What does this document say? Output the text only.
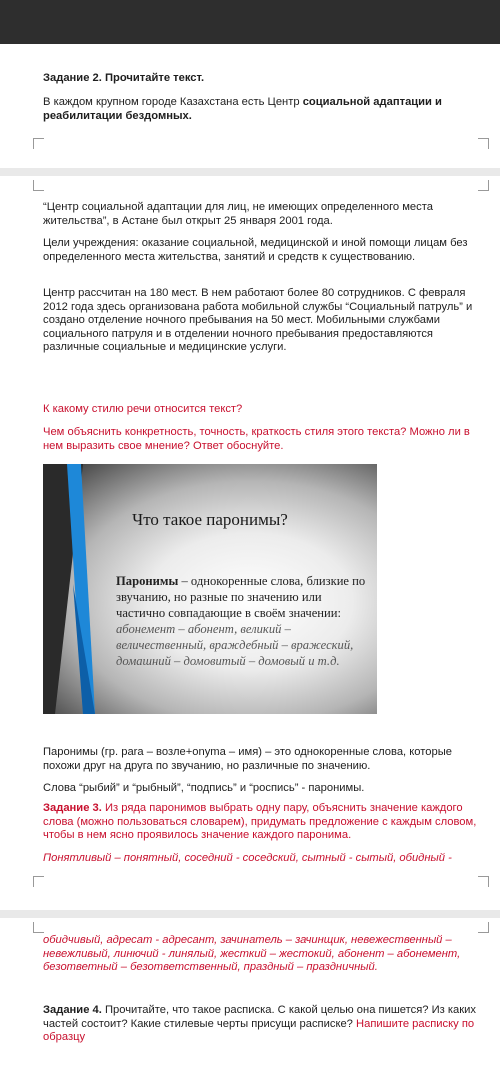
Задание 2. Прочитайте текст.

В каждом крупном городе Казахстана есть Центр социальной адаптации и реабилитации бездомных.

“Центр социальной адаптации для лиц, не имеющих определенного места жительства”, в Астане был открыт 25 января 2001 года.

Цели учреждения: оказание социальной, медицинской и иной помощи лицам без определенного места жительства, занятий и средств к существованию.

Центр рассчитан на 180 мест. В нем работают более 80 сотрудников. С февраля 2012 года здесь организована работа мобильной службы “Социальный патруль” и создано отделение ночного пребывания на 50 мест. Мобильными службами социального патруля и в отделении ночного пребывания предоставляются различные социальные и медицинские услуги.

К какому стилю речи относится текст?

Чем объяснить конкретность, точность, краткость стиля этого текста? Можно ли в нем выразить свое мнение? Ответ обоснуйте.

Что такое паронимы?
Паронимы – однокоренные слова, близкие по звучанию, но разные по значению или частично совпадающие в своём значении: абонемент – абонент, великий – величественный, враждебный – вражеский, домашний – домовитый – домовый и т.д.

Паронимы (гр. para – возле+onyma – имя) – это однокоренные слова, которые похожи друг на друга по звучанию, но различные по значению.

Слова “рыбий” и “рыбный”, “подпись” и “роспись” - паронимы.

Задание 3. Из ряда паронимов выбрать одну пару, объяснить значение каждого слова (можно пользоваться словарем), придумать предложение с каждым словом, чтобы в нем ясно проявилось значение каждого паронима.

Понятливый – понятный, соседний - соседский, сытный - сытый, обидный -

обидчивый, адресат - адресант, зачинатель – зачинщик, невежественный – невежливый, линючий - линялый, жесткий – жестокий, абонент – абонемент, безответный – безответственный, праздный – праздничный.

Задание 4. Прочитайте, что такое расписка. С какой целью она пишется? Из каких частей состоит? Какие стилевые черты присущи расписке? Напишите расписку по образцу
